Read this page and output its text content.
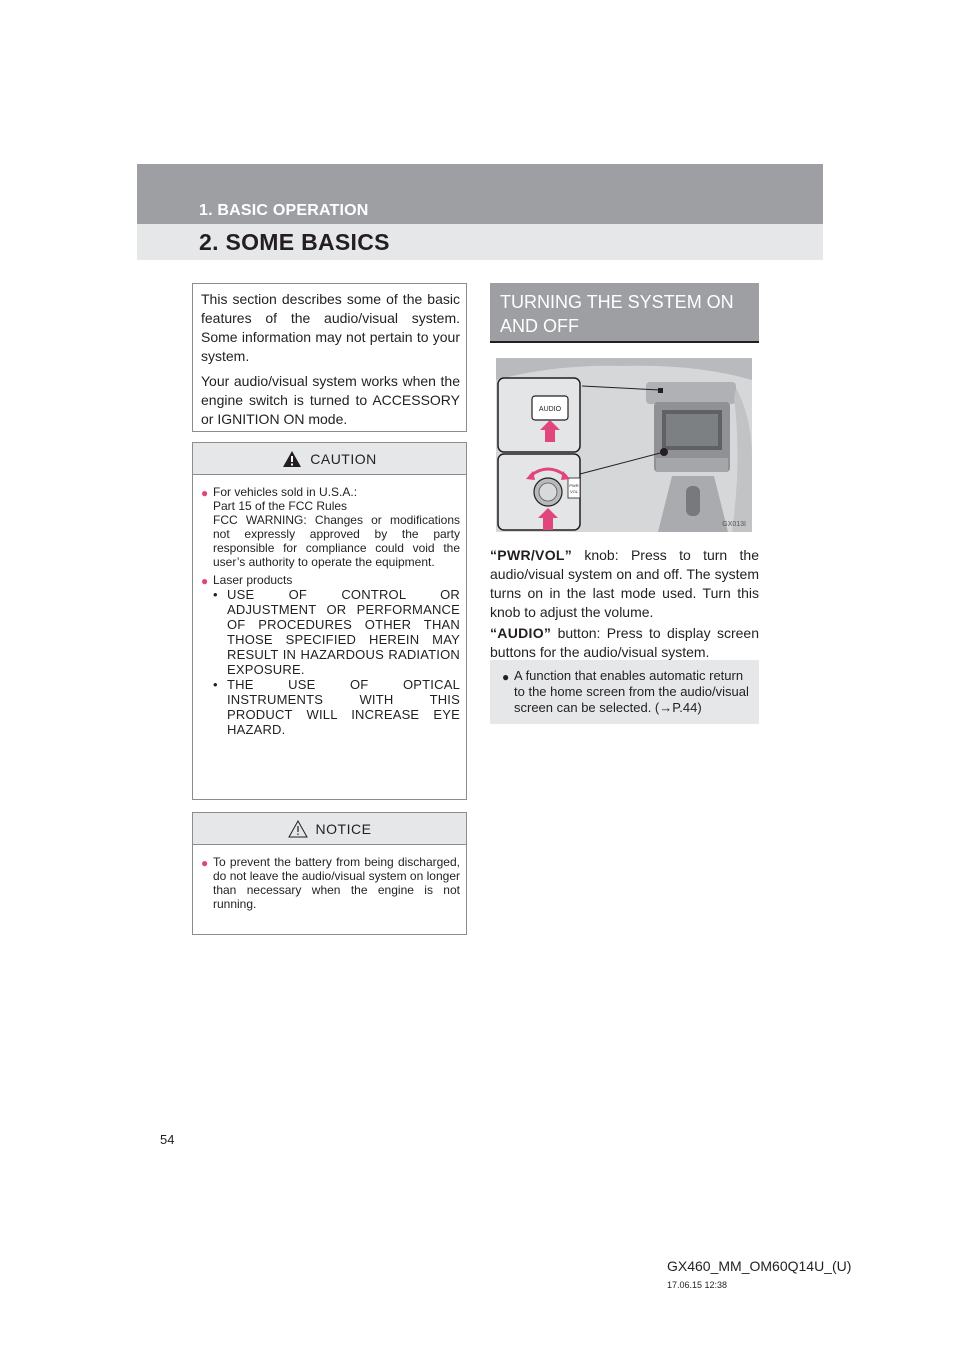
1. BASIC OPERATION
2. SOME BASICS

This section describes some of the basic features of the audio/visual system. Some information may not pertain to your system.

Your audio/visual system works when the engine switch is turned to ACCESSORY or IGNITION ON mode.

CAUTION
● For vehicles sold in U.S.A.:
Part 15 of the FCC Rules
FCC WARNING: Changes or modifications not expressly approved by the party responsible for compliance could void the user’s authority to operate the equipment.
● Laser products
• USE OF CONTROL OR ADJUSTMENT OR PERFORMANCE OF PROCEDURES OTHER THAN THOSE SPECIFIED HEREIN MAY RESULT IN HAZARDOUS RADIATION EXPOSURE.
• THE USE OF OPTICAL INSTRUMENTS WITH THIS PRODUCT WILL INCREASE EYE HAZARD.
NOTICE
● To prevent the battery from being discharged, do not leave the audio/visual system on longer than necessary when the engine is not running.
TURNING THE SYSTEM ON AND OFF
AUDIO
PWR
VOL
GX013I

“PWR/VOL” knob: Press to turn the audio/visual system on and off. The system turns on in the last mode used. Turn this knob to adjust the volume.

“AUDIO” button: Press to display screen buttons for the audio/visual system.

● A function that enables automatic return to the home screen from the audio/visual screen can be selected. (→P.44)
54
GX460_MM_OM60Q14U_(U)
17.06.15 12:38
